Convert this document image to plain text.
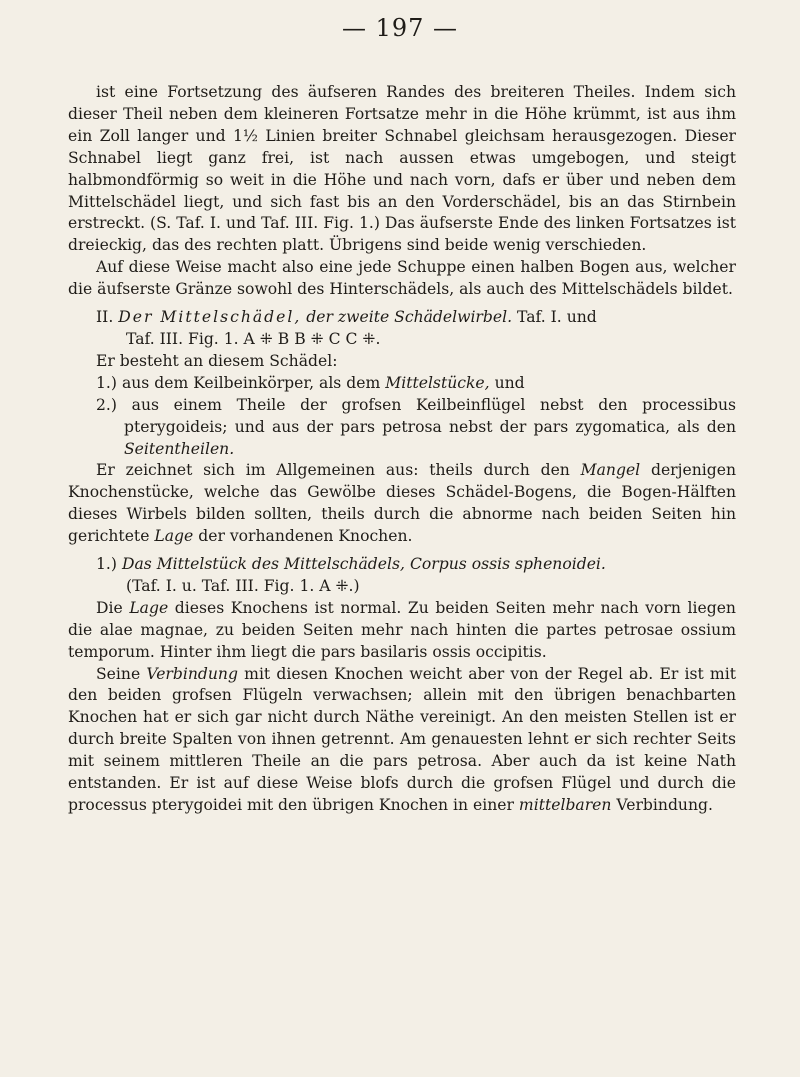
— 197 —

ist eine Fortsetzung des äufseren Randes des breiteren Theiles. Indem sich dieser Theil neben dem kleineren Fortsatze mehr in die Höhe krümmt, ist aus ihm ein Zoll langer und 1½ Linien breiter Schnabel gleichsam herausgezogen. Dieser Schnabel liegt ganz frei, ist nach aussen etwas umgebogen, und steigt halbmondförmig so weit in die Höhe und nach vorn, dafs er über und neben dem Mittelschädel liegt, und sich fast bis an den Vorderschädel, bis an das Stirnbein erstreckt. (S. Taf. I. und Taf. III. Fig. 1.) Das äufserste Ende des linken Fortsatzes ist dreieckig, das des rechten platt. Übrigens sind beide wenig verschieden.

Auf diese Weise macht also eine jede Schuppe einen halben Bogen aus, welcher die äufserste Gränze sowohl des Hinterschädels, als auch des Mittelschädels bildet.

II. Der Mittelschädel, der zweite Schädelwirbel. Taf. I. und

Taf. III. Fig. 1. A ⁜ B B ⁜ C C ⁜.

Er besteht an diesem Schädel:

1.) aus dem Keilbeinkörper, als dem Mittelstücke, und

2.) aus einem Theile der grofsen Keilbeinflügel nebst den processibus pterygoideis; und aus der pars petrosa nebst der pars zygomatica, als den Seitentheilen.

Er zeichnet sich im Allgemeinen aus: theils durch den Mangel derjenigen Knochenstücke, welche das Gewölbe dieses Schädel-Bogens, die Bogen-Hälften dieses Wirbels bilden sollten, theils durch die abnorme nach beiden Seiten hin gerichtete Lage der vorhandenen Knochen.

1.) Das Mittelstück des Mittelschädels, Corpus ossis sphenoidei.

(Taf. I. u. Taf. III. Fig. 1. A ⁜.)

Die Lage dieses Knochens ist normal. Zu beiden Seiten mehr nach vorn liegen die alae magnae, zu beiden Seiten mehr nach hinten die partes petrosae ossium temporum. Hinter ihm liegt die pars basilaris ossis occipitis.

Seine Verbindung mit diesen Knochen weicht aber von der Regel ab. Er ist mit den beiden grofsen Flügeln verwachsen; allein mit den übrigen benachbarten Knochen hat er sich gar nicht durch Näthe vereinigt. An den meisten Stellen ist er durch breite Spalten von ihnen getrennt. Am genauesten lehnt er sich rechter Seits mit seinem mittleren Theile an die pars petrosa. Aber auch da ist keine Nath entstanden. Er ist auf diese Weise blofs durch die grofsen Flügel und durch die processus pterygoidei mit den übrigen Knochen in einer mittelbaren Verbindung.
